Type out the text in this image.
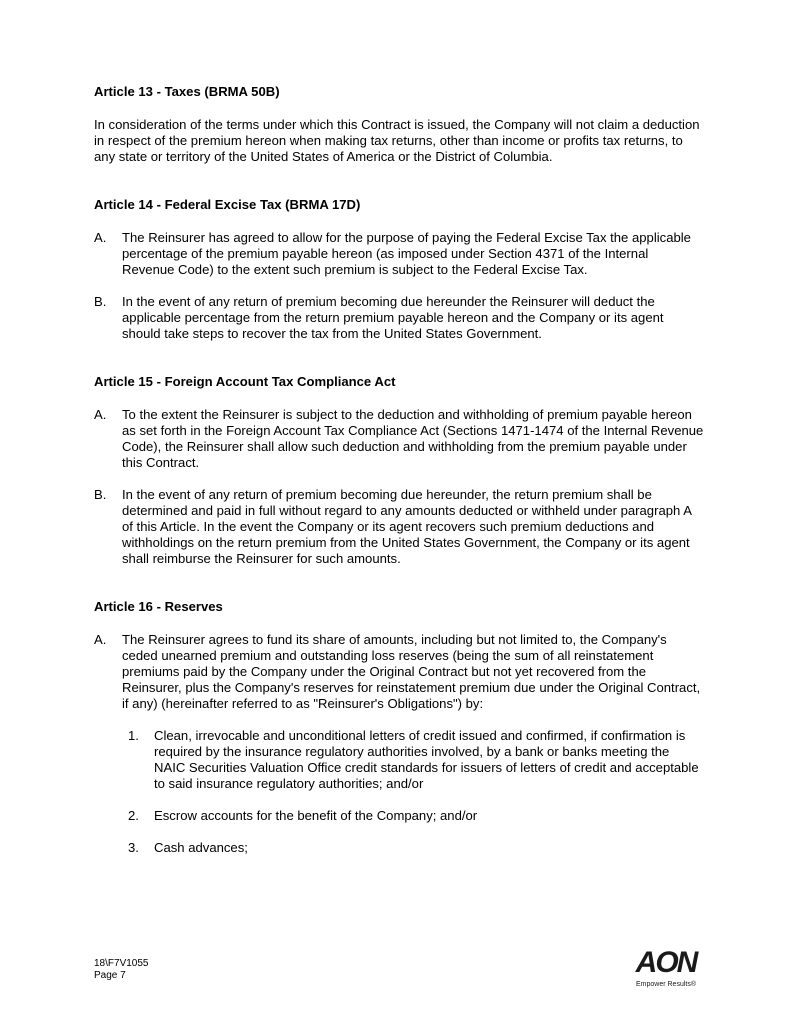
Article 13 - Taxes (BRMA 50B)

In consideration of the terms under which this Contract is issued, the Company will not claim a deduction in respect of the premium hereon when making tax returns, other than income or profits tax returns, to any state or territory of the United States of America or the District of Columbia.

Article 14 - Federal Excise Tax (BRMA 17D)
A.	The Reinsurer has agreed to allow for the purpose of paying the Federal Excise Tax the applicable percentage of the premium payable hereon (as imposed under Section 4371 of the Internal Revenue Code) to the extent such premium is subject to the Federal Excise Tax.
B.	In the event of any return of premium becoming due hereunder the Reinsurer will deduct the applicable percentage from the return premium payable hereon and the Company or its agent should take steps to recover the tax from the United States Government.
Article 15 - Foreign Account Tax Compliance Act
A.	To the extent the Reinsurer is subject to the deduction and withholding of premium payable hereon as set forth in the Foreign Account Tax Compliance Act (Sections 1471-1474 of the Internal Revenue Code), the Reinsurer shall allow such deduction and withholding from the premium payable under this Contract.
B.	In the event of any return of premium becoming due hereunder, the return premium shall be determined and paid in full without regard to any amounts deducted or withheld under paragraph A of this Article. In the event the Company or its agent recovers such premium deductions and withholdings on the return premium from the United States Government, the Company or its agent shall reimburse the Reinsurer for such amounts.
Article 16 - Reserves
A.	The Reinsurer agrees to fund its share of amounts, including but not limited to, the Company's ceded unearned premium and outstanding loss reserves (being the sum of all reinstatement premiums paid by the Company under the Original Contract but not yet recovered from the Reinsurer, plus the Company's reserves for reinstatement premium due under the Original Contract, if any) (hereinafter referred to as "Reinsurer's Obligations") by:
1.	Clean, irrevocable and unconditional letters of credit issued and confirmed, if confirmation is required by the insurance regulatory authorities involved, by a bank or banks meeting the NAIC Securities Valuation Office credit standards for issuers of letters of credit and acceptable to said insurance regulatory authorities; and/or
2.	Escrow accounts for the benefit of the Company; and/or
3.	Cash advances;
18\F7V1055
Page 7	AON
Empower Results®
